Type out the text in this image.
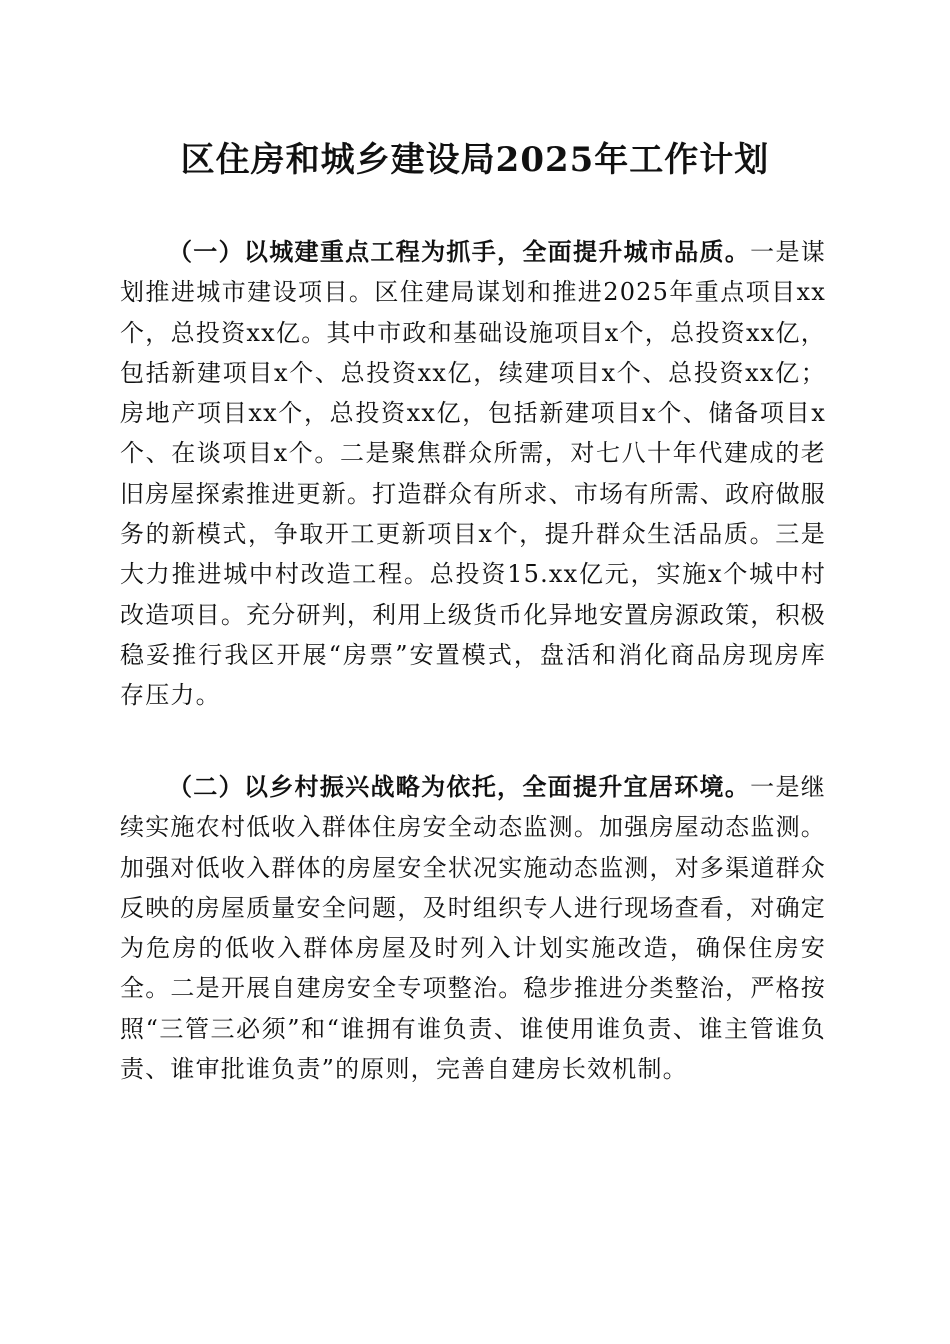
区住房和城乡建设局2025年工作计划

（一）以城建重点工程为抓手，全面提升城市品质。一是谋划推进城市建设项目。区住建局谋划和推进2025年重点项目xx个，总投资xx亿。其中市政和基础设施项目x个，总投资xx亿，包括新建项目x个、总投资xx亿，续建项目x个、总投资xx亿；房地产项目xx个，总投资xx亿，包括新建项目x个、储备项目x个、在谈项目x个。二是聚焦群众所需，对七八十年代建成的老旧房屋探索推进更新。打造群众有所求、市场有所需、政府做服务的新模式，争取开工更新项目x个，提升群众生活品质。三是大力推进城中村改造工程。总投资15.xx亿元，实施x个城中村改造项目。充分研判，利用上级货币化异地安置房源政策，积极稳妥推行我区开展“房票”安置模式，盘活和消化商品房现房库存压力。

（二）以乡村振兴战略为依托，全面提升宜居环境。一是继续实施农村低收入群体住房安全动态监测。加强房屋动态监测。加强对低收入群体的房屋安全状况实施动态监测，对多渠道群众反映的房屋质量安全问题，及时组织专人进行现场查看，对确定为危房的低收入群体房屋及时列入计划实施改造，确保住房安全。二是开展自建房安全专项整治。稳步推进分类整治，严格按照“三管三必须”和“谁拥有谁负责、谁使用谁负责、谁主管谁负责、谁审批谁负责”的原则，完善自建房长效机制。
